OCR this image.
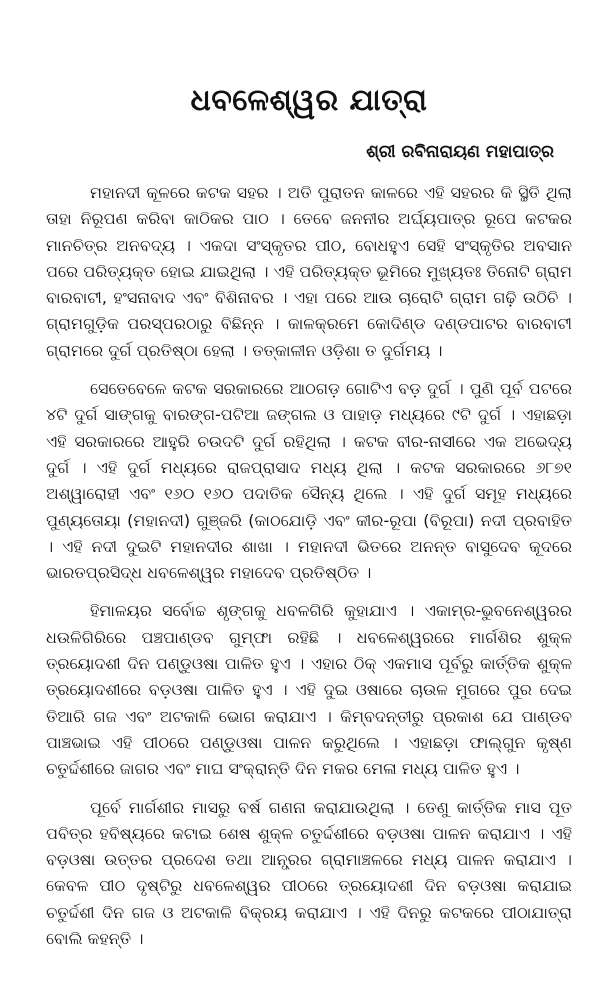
ଧବଳେଶ୍ୱର ଯାତ୍ରା
ଶ୍ରୀ ରବିନାରାୟଣ ମହାପାତ୍ର

ମହାନଦୀ କୂଳରେ କଟକ ସହର । ଅତି ପୁରାତନ କାଳରେ ଏହି ସହରର କି ସ୍ଥିତି ଥିଲା ତାହା ନିରୂପଣ କରିବା କାଠିକର ପାଠ । ତେବେ ଜନନୀର ଅର୍ଘ୍ୟପାତ୍ର ରୂପେ କଟକର ମାନଚିତ୍ର ଅନବଦ୍ୟ । ଏକଦା ସଂସ୍କୃତର ପୀଠ, ବୋଧହୁଏ ସେହି ସଂସ୍କୃତିର ଅବସାନ ପରେ ପରିତ୍ୟକ୍ତ ହୋଇ ଯାଇଥିଲା । ଏହି ପରିତ୍ୟକ୍ତ ଭୂମିରେ ମୁଖ୍ୟତଃ ତିନୋଟି ଗ୍ରାମ ବାରବାଟୀ, ହଂସନାବାଦ ଏବଂ ବିଶିନାବର । ଏହା ପରେ ଆଉ ଚାରୋଟି ଗ୍ରାମ ଗଢ଼ି ଉଠିଚି । ଗ୍ରାମଗୁଡ଼ିକ ପରସ୍ପରଠାରୁ ବିଛିନ୍ନ । କାଳକ୍ରମେ କୋଦିଣ୍ଡ ଦଣ୍ଡପାଟର ବାରବାଟୀ ଗ୍ରାମରେ ଦୁର୍ଗ ପ୍ରତିଷ୍ଠା ହେଲା । ତତ୍କାଳୀନ ଓଡ଼ିଶା ତ ଦୁର୍ଗମୟ ।

ସେତେବେଳେ କଟକ ସରକାରରେ ଆଠଗଡ଼ ଗୋଟିଏ ବଡ଼ ଦୁର୍ଗ । ପୁଣି ପୂର୍ବ ପଟରେ ୪ଟି ଦୁର୍ଗ ସାଙ୍ଗକୁ ବାରଙ୍ଗ-ପଟିଆ ଜଙ୍ଗଲ ଓ ପାହାଡ଼ ମଧ୍ୟରେ ୯ଟି ଦୁର୍ଗ । ଏହାଛଡ଼ା ଏହି ସରକାରରେ ଆହୁରି ଚଉଦଟି ଦୁର୍ଗ ରହିଥିଲା । କଟକ ବୀର-ନାସୀରେ ଏକ ଅଭେଦ୍ୟ ଦୁର୍ଗ । ଏହି ଦୁର୍ଗ ମଧ୍ୟରେ ରାଜପ୍ରାସାଦ ମଧ୍ୟ ଥିଲା । କଟକ ସରକାରରେ ୬୮୭୧ ଅଶ୍ୱାରୋହୀ ଏବଂ ୧୬୦ ୧୬୦ ପଦାତିକ ସୈନ୍ୟ ଥିଲେ । ଏହି ଦୁର୍ଗ ସମୂହ ମଧ୍ୟରେ ପୁଣ୍ୟତୋୟା (ମହାନଦୀ) ଗୁଞ୍ଜରି (କାଠଯୋଡ଼ି ଏବଂ କୀର-ରୂପା (ବିରୂପା) ନଦୀ ପ୍ରବାହିତ । ଏହି ନଦୀ ଦୁଇଟି ମହାନଦୀର ଶାଖା । ମହାନଦୀ ଭିତରେ ଅନନ୍ତ ବାସୁଦେବ କୂଦରେ ଭାରତପ୍ରସିଦ୍ଧ ଧବଳେଶ୍ୱର ମହାଦେବ ପ୍ରତିଷ୍ଠିତ ।

ହିମାଳୟର ସର୍ବୋଚ୍ଚ ଶୃଙ୍ଗକୁ ଧବଳଗିରି କୁହାଯାଏ । ଏକାମ୍ର-ଭୁବନେଶ୍ୱରର ଧଉଳିଗିରିରେ ପଞ୍ଚପାଣ୍ଡବ ଗୁମ୍ଫା ରହିଛି । ଧବଳେଶ୍ୱରରେ ମାର୍ଗଶିର ଶୁକ୍ଳ ତ୍ରୟୋଦଶୀ ଦିନ ପଣ୍ଡୁଓଷା ପାଳିତ ହୁଏ । ଏହାର ଠିକ୍ ଏକମାସ ପୂର୍ବରୁ କାର୍ତ୍ତିକ ଶୁକ୍ଳ ତ୍ରୟୋଦଶୀରେ ବଡ଼ଓଷା ପାଳିତ ହୁଏ । ଏହି ଦୁଇ ଓଷାରେ ଚାଉଳ ମୁଗରେ ପୁର ଦେଇ ତିଆରି ଗଜ ଏବଂ ଅଟକାଳି ଭୋଗ କରାଯାଏ । କିମ୍ବଦନ୍ତୀରୁ ପ୍ରକାଶ ଯେ ପାଣ୍ଡବ ପାଞ୍ଚଭାଇ ଏହି ପୀଠରେ ପଣ୍ଡୁଓଷା ପାଳନ କରୁଥିଲେ । ଏହାଛଡ଼ା ଫାଲ୍ଗୁନ କୃଷ୍ଣ ଚତୁର୍ଦ୍ଦଶୀରେ ଜାଗର ଏବଂ ମାଘ ସଂକ୍ରାନ୍ତି ଦିନ ମକର ମେଳା ମଧ୍ୟ ପାଳିତ ହୁଏ ।

ପୂର୍ବେ ମାର୍ଗଶୀର ମାସରୁ ବର୍ଷ ଗଣନା କରାଯାଉଥିଲା । ତେଣୁ କାର୍ତ୍ତିକ ମାସ ପୂତ ପବିତ୍ର ହବିଷ୍ୟରେ କଟାଇ ଶେଷ ଶୁକ୍ଳ ଚତୁର୍ଦ୍ଦଶୀରେ ବଡ଼ଓଷା ପାଳନ କରାଯାଏ । ଏହି ବଡ଼ଓଷା ଉତ୍ତର ପ୍ରଦେଶ ତଥା ଆନ୍ଧ୍ରର ଗ୍ରାମାଞ୍ଚଳରେ ମଧ୍ୟ ପାଳନ କରାଯାଏ । କେବଳ ପୀଠ ଦୃଷ୍ଟିରୁ ଧବଳେଶ୍ୱର ପୀଠରେ ତ୍ରୟୋଦଶୀ ଦିନ ବଡ଼ଓଷା କରାଯାଇ ଚତୁର୍ଦ୍ଦଶୀ ଦିନ ଗଜ ଓ ଅଟକାଳି ବିକ୍ରୟ କରାଯାଏ । ଏହି ଦିନରୁ କଟକରେ ପୀଠାଯାତ୍ରା ବୋଲି କହନ୍ତି ।
